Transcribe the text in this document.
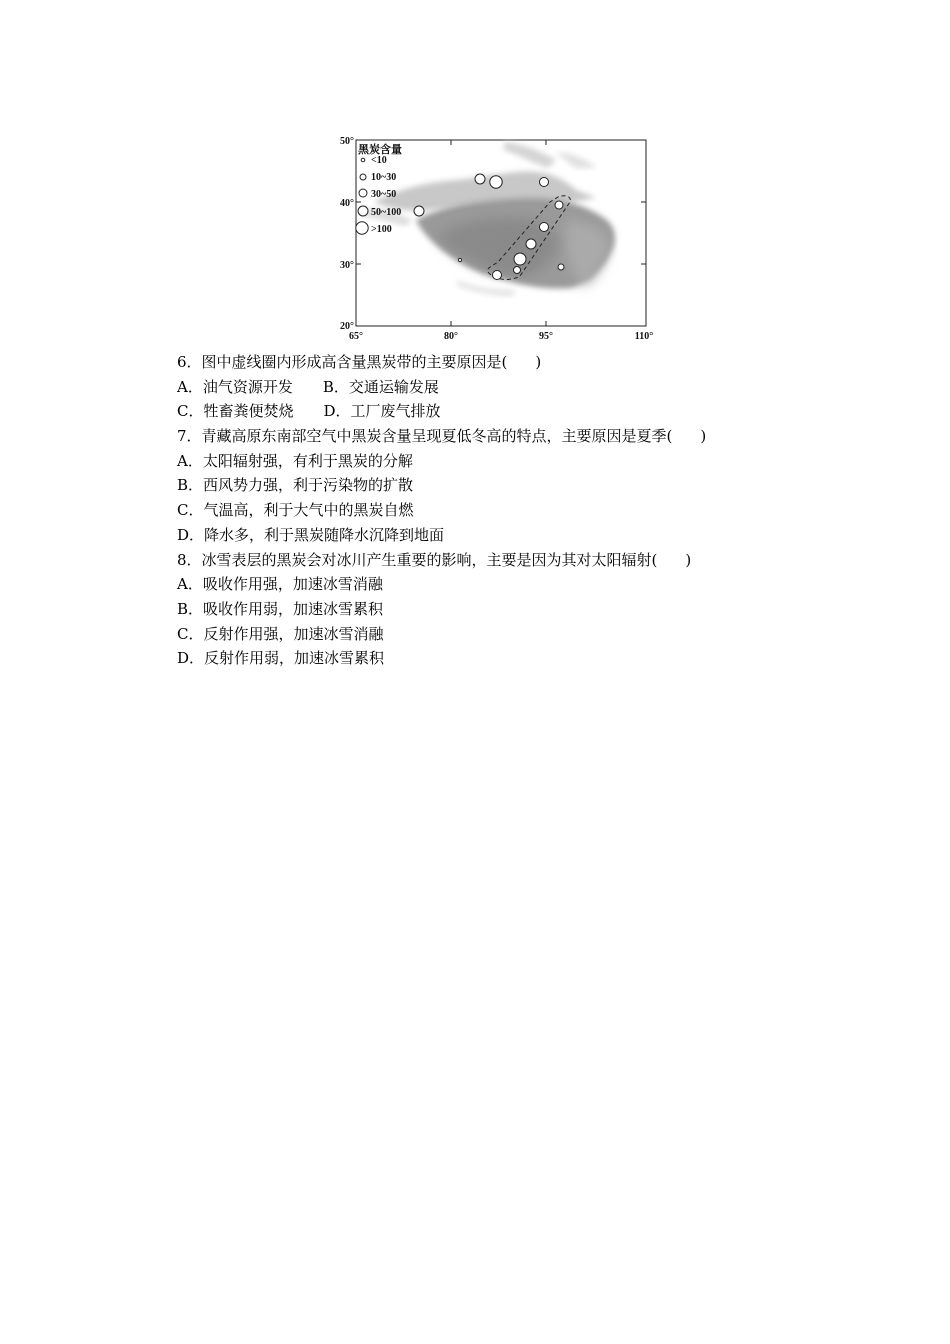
50°
40°
30°
20°
65°	80°	95°	110°
黑炭含量
<10
10~30
30~50
50~100
>100
6．图中虚线圈内形成高含量黑炭带的主要原因是( )
A．油气资源开发 B．交通运输发展
C．牲畜粪便焚烧 D．工厂废气排放
7．青藏高原东南部空气中黑炭含量呈现夏低冬高的特点，主要原因是夏季( )
A．太阳辐射强，有利于黑炭的分解
B．西风势力强，利于污染物的扩散
C．气温高，利于大气中的黑炭自燃
D．降水多，利于黑炭随降水沉降到地面
8．冰雪表层的黑炭会对冰川产生重要的影响，主要是因为其对太阳辐射( )
A．吸收作用强，加速冰雪消融
B．吸收作用弱，加速冰雪累积
C．反射作用强，加速冰雪消融
D．反射作用弱，加速冰雪累积
